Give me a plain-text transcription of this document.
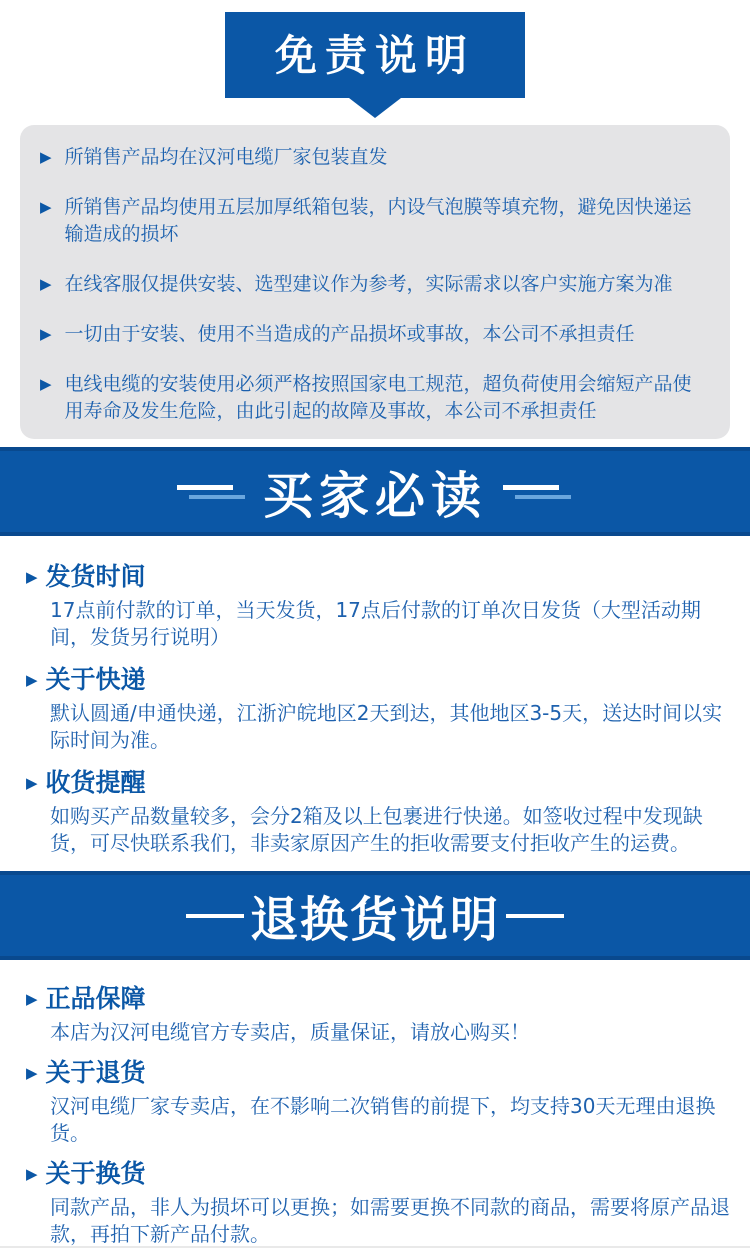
免责说明
▶ 所销售产品均在汉河电缆厂家包装直发
▶ 所销售产品均使用五层加厚纸箱包装，内设气泡膜等填充物，避免因快递运输造成的损坏
▶ 在线客服仅提供安装、选型建议作为参考，实际需求以客户实施方案为准
▶ 一切由于安装、使用不当造成的产品损坏或事故，本公司不承担责任
▶ 电线电缆的安装使用必须严格按照国家电工规范，超负荷使用会缩短产品使用寿命及发生危险，由此引起的故障及事故，本公司不承担责任
买家必读
▶ 发货时间
17点前付款的订单，当天发货，17点后付款的订单次日发货（大型活动期间，发货另行说明）
▶ 关于快递
默认圆通/申通快递，江浙沪皖地区2天到达，其他地区3-5天，送达时间以实际时间为准。
▶ 收货提醒
如购买产品数量较多，会分2箱及以上包裹进行快递。如签收过程中发现缺货，可尽快联系我们，非卖家原因产生的拒收需要支付拒收产生的运费。
退换货说明
▶ 正品保障
本店为汉河电缆官方专卖店，质量保证，请放心购买！
▶ 关于退货
汉河电缆厂家专卖店，在不影响二次销售的前提下，均支持30天无理由退换货。
▶ 关于换货
同款产品，非人为损坏可以更换；如需要更换不同款的商品，需要将原产品退款，再拍下新产品付款。
